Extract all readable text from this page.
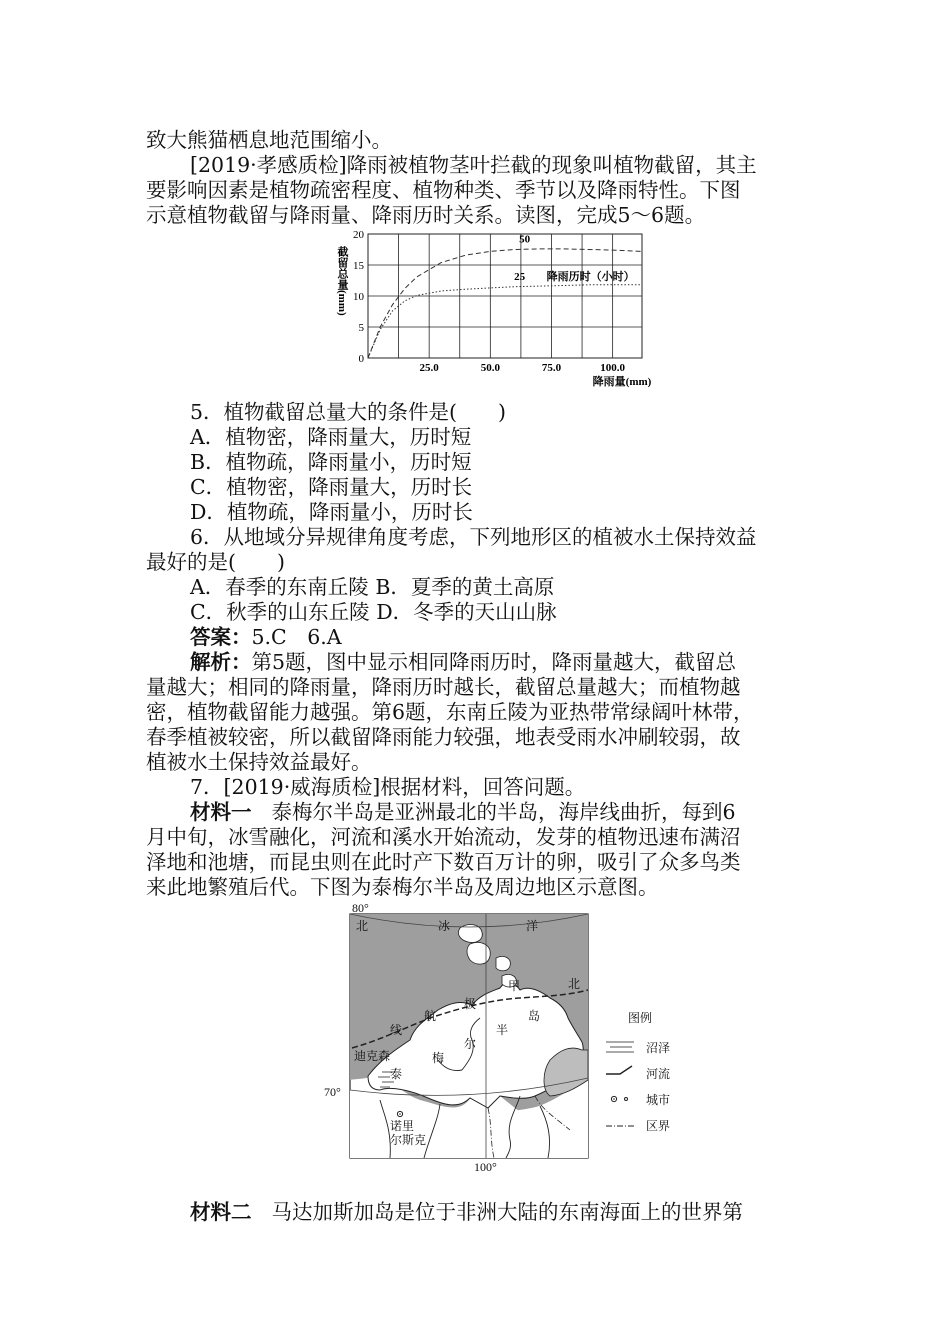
致大熊猫栖息地范围缩小。
[2019·孝感质检]降雨被植物茎叶拦截的现象叫植物截留，其主
要影响因素是植物疏密程度、植物种类、季节以及降雨特性。下图
示意植物截留与降雨量、降雨历时关系。读图，完成5～6题。
0
5
10
15
20
25.0	50.0	75.0	100.0
截留总量(mm)
降雨量(mm)
50
25 降雨历时（小时）
5．植物截留总量大的条件是(　　)
A．植物密，降雨量大，历时短
B．植物疏，降雨量小，历时短
C．植物密，降雨量大，历时长
D．植物疏，降雨量小，历时长
6．从地域分异规律角度考虑，下列地形区的植被水土保持效益
最好的是(　　)
A．春季的东南丘陵 B．夏季的黄土高原
C．秋季的山东丘陵 D．冬季的天山山脉
答案：5.C　6.A
解析：第5题，图中显示相同降雨历时，降雨量越大，截留总
量越大；相同的降雨量，降雨历时越长，截留总量越大；而植物越
密，植物截留能力越强。第6题，东南丘陵为亚热带常绿阔叶林带，
春季植被较密，所以截留降雨能力较强，地表受雨水冲刷较弱，故
植被水土保持效益最好。
7．[2019·威海质检]根据材料，回答问题。
材料一 泰梅尔半岛是亚洲最北的半岛，海岸线曲折，每到6
月中旬，冰雪融化，河流和溪水开始流动，发芽的植物迅速布满沼
泽地和池塘，而昆虫则在此时产下数百万计的卵，吸引了众多鸟类
来此地繁殖后代。下图为泰梅尔半岛及周边地区示意图。
80°
70°
100°
北	冰	洋
北
甲
极
航
线
迪克森
泰
梅
尔
半
岛
诺里
尔斯克
图例
沼泽
河流
城市
区界
材料二 马达加斯加岛是位于非洲大陆的东南海面上的世界第
